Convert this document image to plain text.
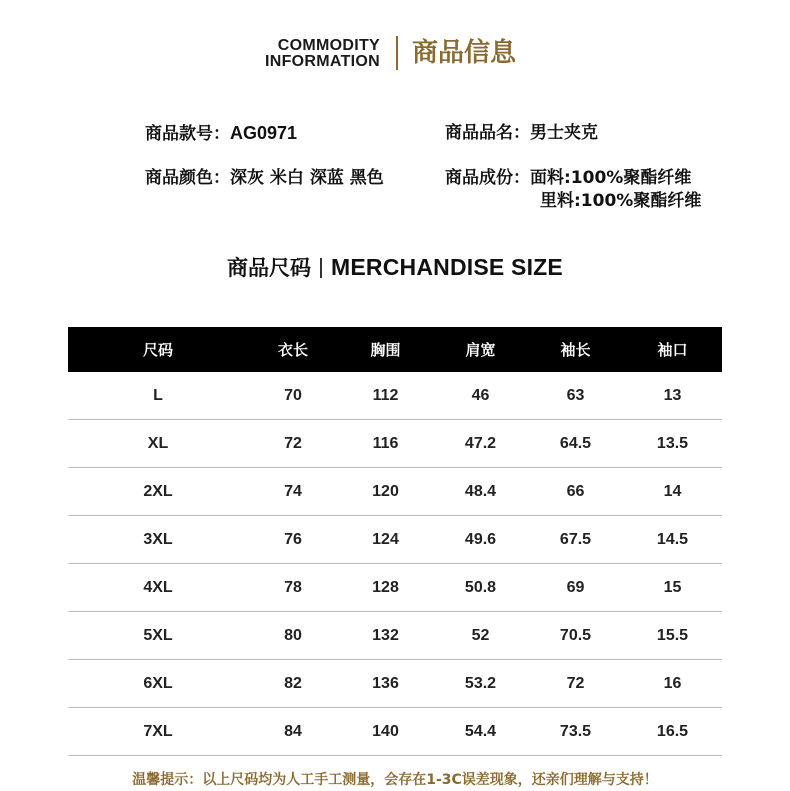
COMMODITY
INFORMATION 商品信息
商品款号：AG0971	商品品名：男士夹克
商品颜色：深灰 米白 深蓝 黑色	商品成份：面料:100%聚酯纤维
里料:100%聚酯纤维
商品尺码 MERCHANDISE SIZE
尺码	衣长	胸围	肩宽	袖长	袖口
L	70	112	46	63	13
XL	72	116	47.2	64.5	13.5
2XL	74	120	48.4	66	14
3XL	76	124	49.6	67.5	14.5
4XL	78	128	50.8	69	15
5XL	80	132	52	70.5	15.5
6XL	82	136	53.2	72	16
7XL	84	140	54.4	73.5	16.5
温馨提示：以上尺码均为人工手工测量，会存在1-3C误差现象，还亲们理解与支持！
